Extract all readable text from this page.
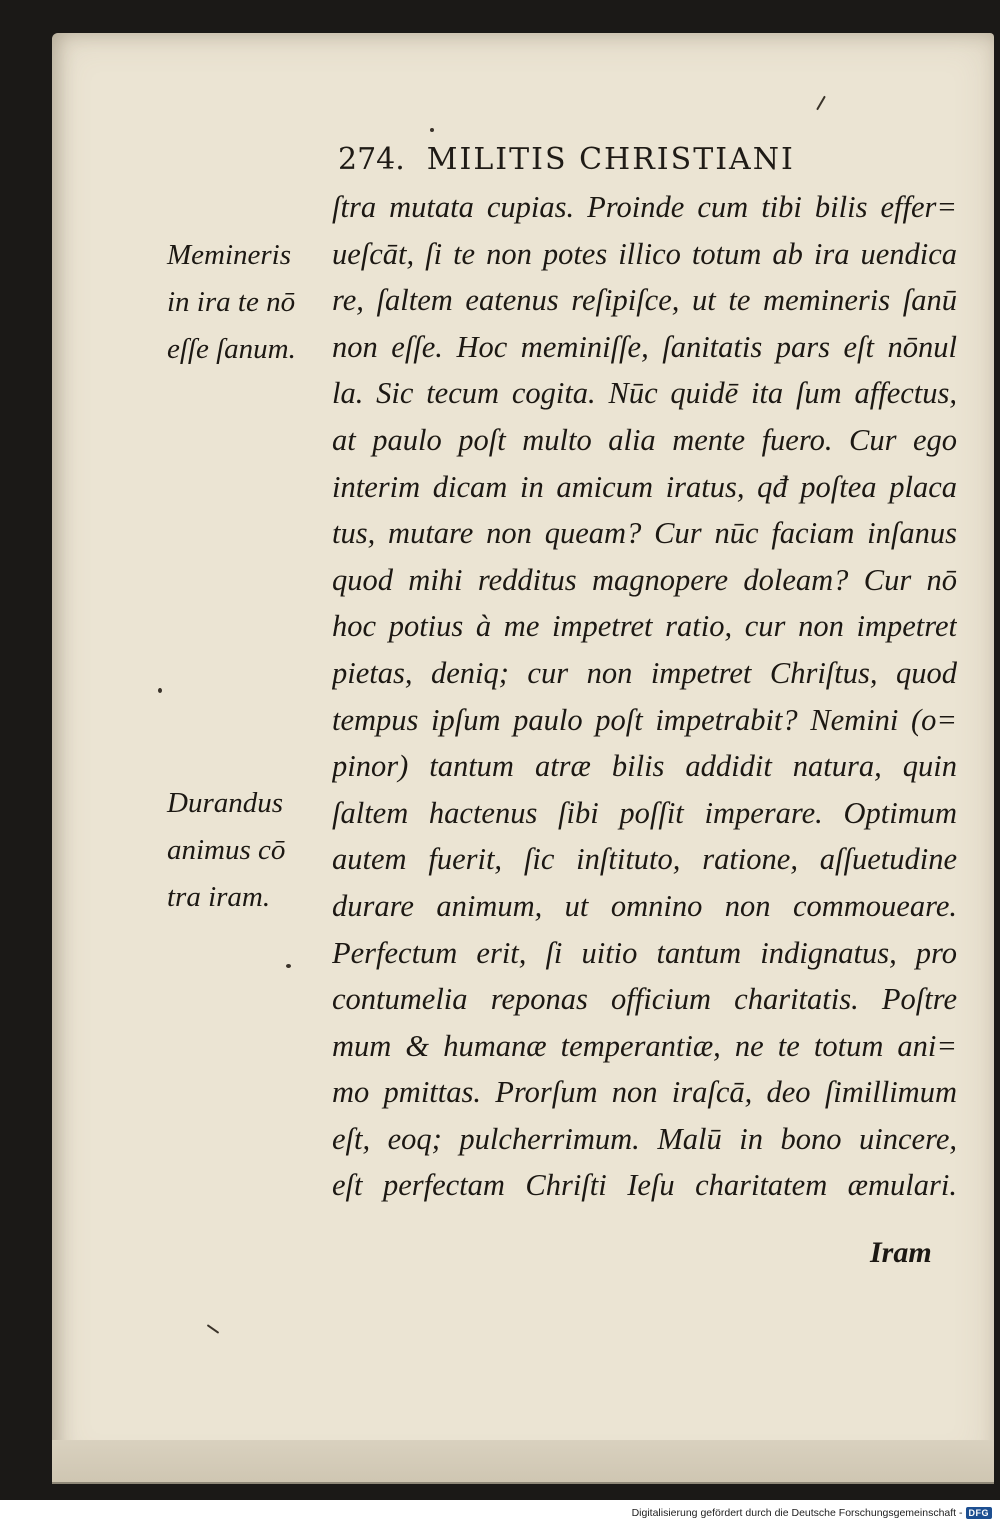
274. MILITIS CHRISTIANI
ſtra mutata cupias. Proinde cum tibi bilis effer=
ueſcāt, ſi te non potes illico totum ab ira uendica
re, ſaltem eatenus reſipiſce, ut te memineris ſanū
non eſſe. Hoc meminiſſe, ſanitatis pars eſt nōnul
la. Sic tecum cogita. Nūc quidē ita ſum affectus,
at paulo poſt multo alia mente fuero. Cur ego
interim dicam in amicum iratus, qđ poſtea placa
tus, mutare non queam? Cur nūc faciam inſanus
quod mihi redditus magnopere doleam? Cur nō
hoc potius à me impetret ratio, cur non impetret
pietas, deniq; cur non impetret Chriſtus, quod
tempus ipſum paulo poſt impetrabit? Nemini (o=
pinor) tantum atræ bilis addidit natura, quin
ſaltem hactenus ſibi poſſit imperare. Optimum
autem fuerit, ſic inſtituto, ratione, aſſuetudine
durare animum, ut omnino non commoueare.
Perfectum erit, ſi uitio tantum indignatus, pro
contumelia reponas officium charitatis. Poſtre
mum & humanæ temperantiæ, ne te totum ani=
mo pmittas. Prorſum non iraſcā, deo ſimillimum
eſt, eoq; pulcherrimum. Malū in bono uincere,
eſt perfectam Chriſti Ieſu charitatem æmulari.
Iram
Memineris
in ira te nō
eſſe ſanum.
Durandus
animus cō
tra iram.
Digitalisierung gefördert durch die Deutsche Forschungsgemeinschaft - DFG
